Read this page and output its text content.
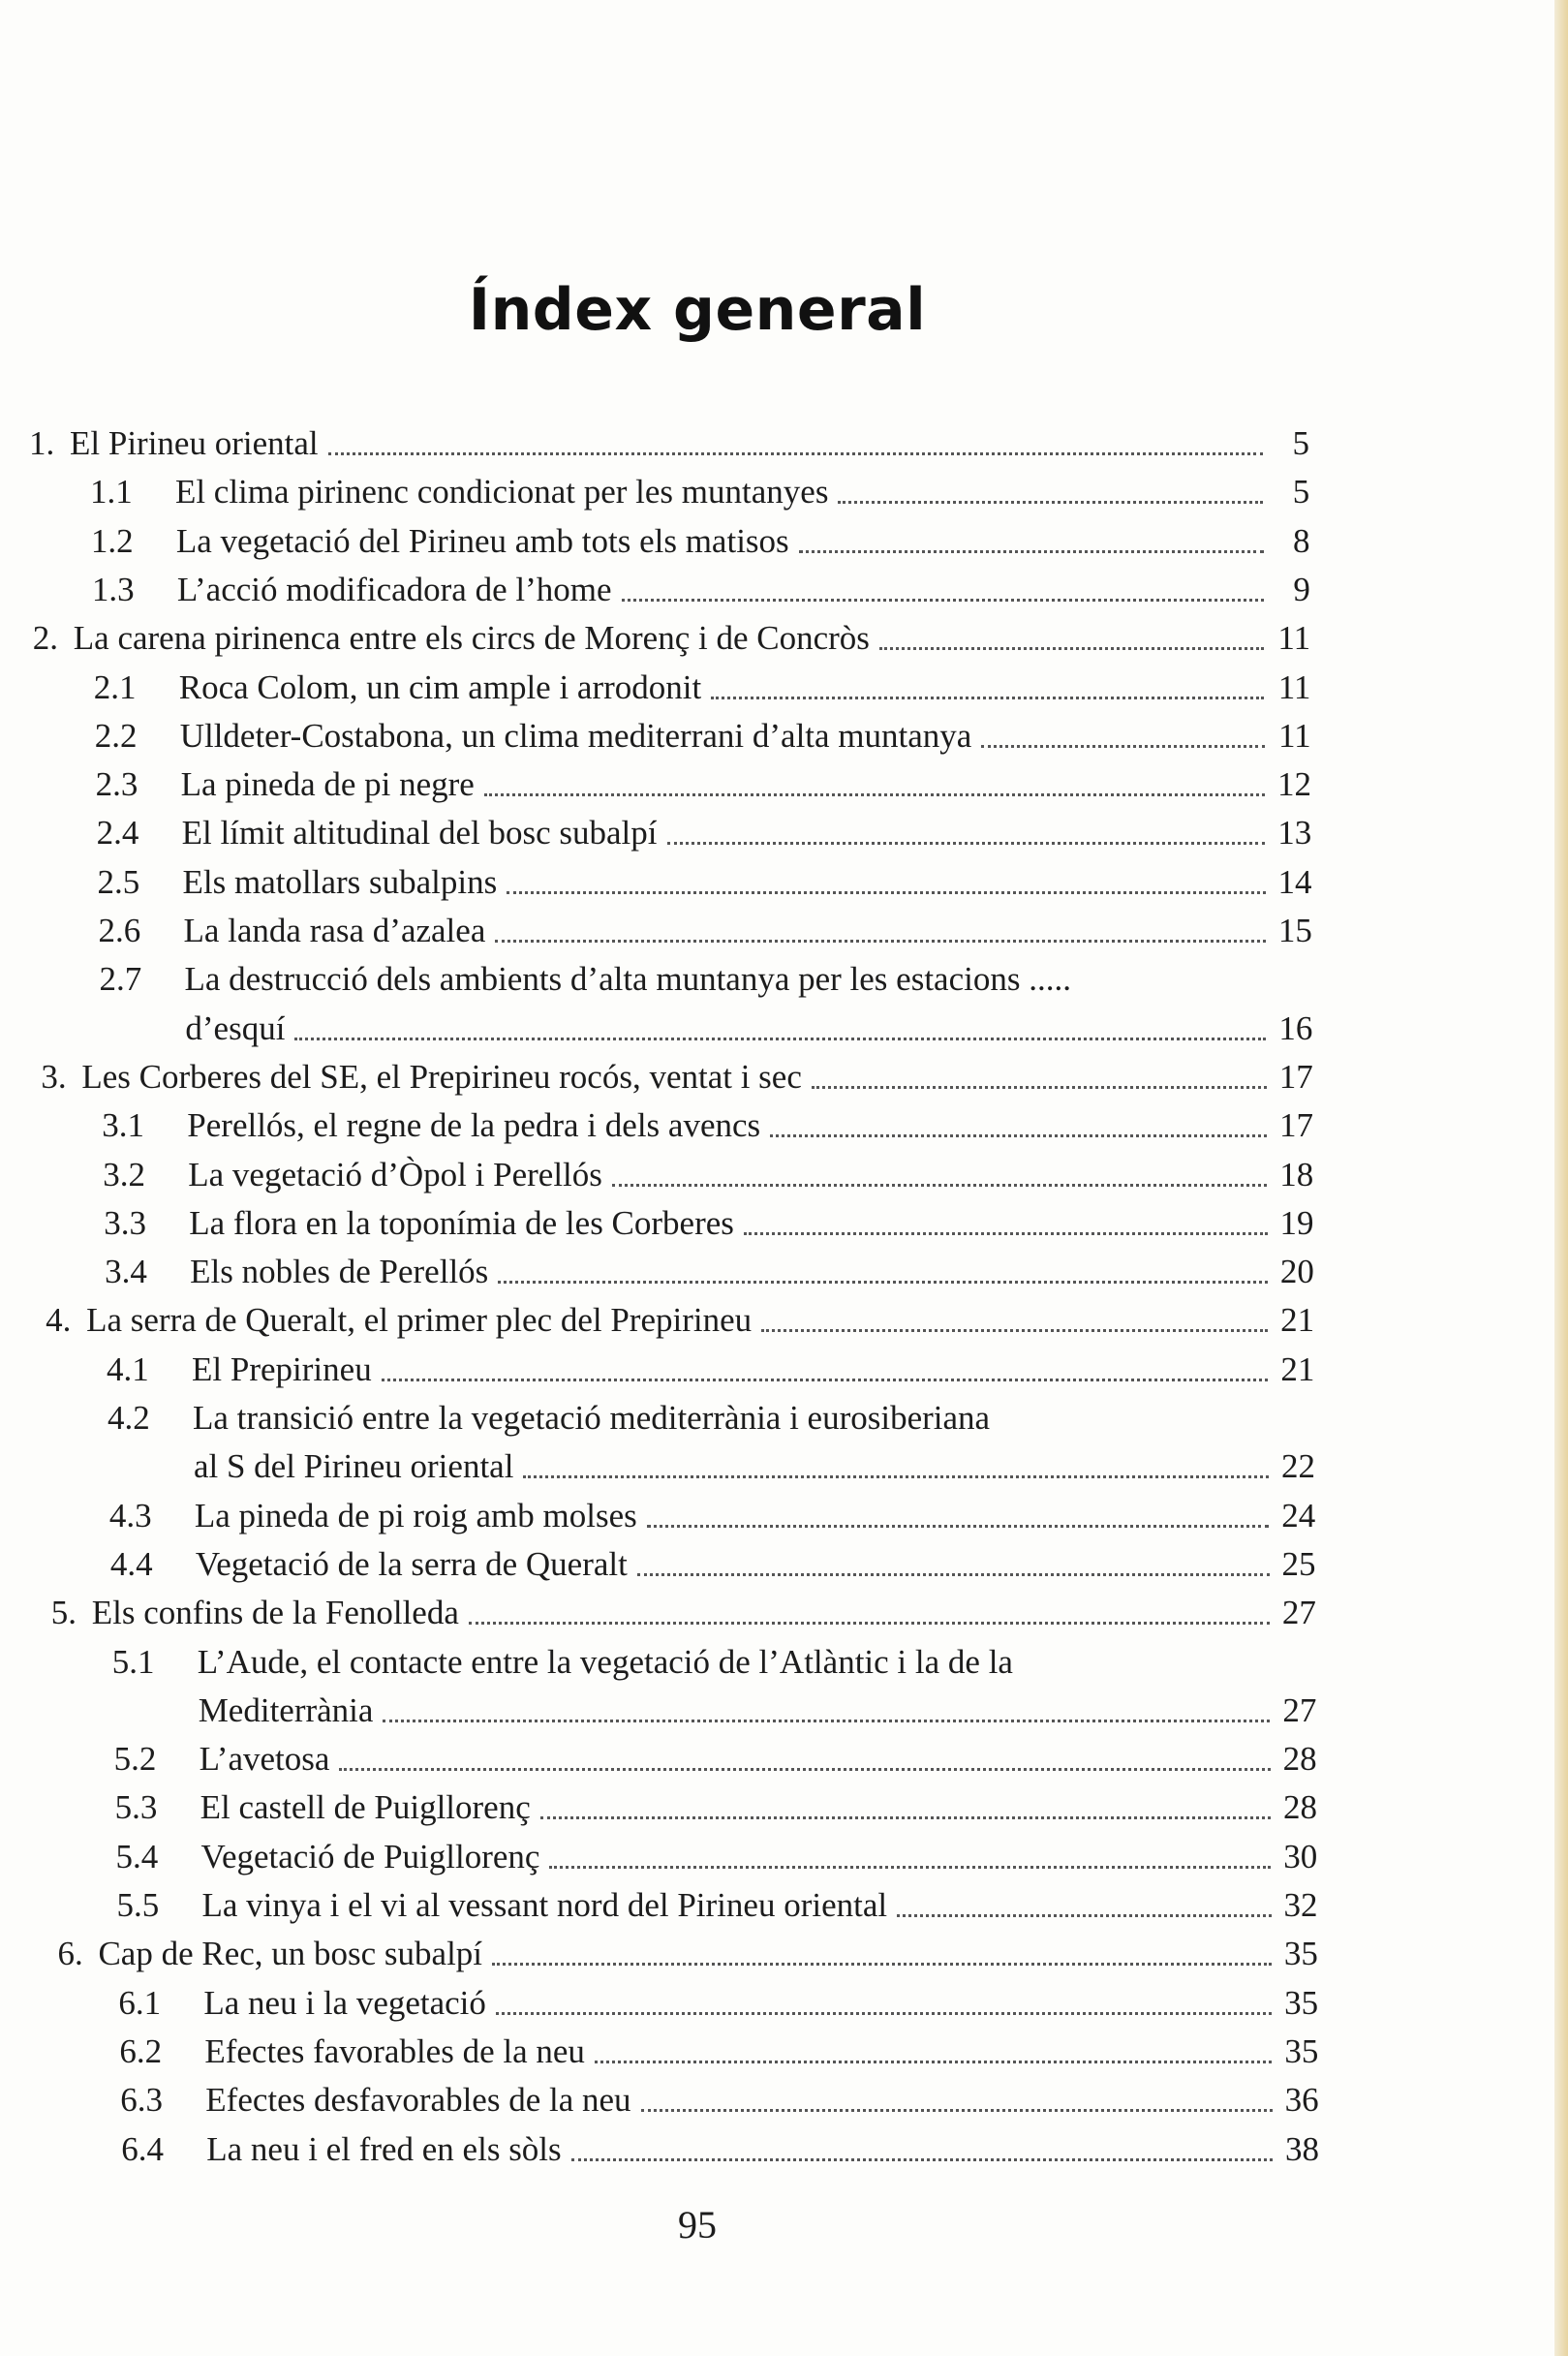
Índex general
1. El Pirineu oriental	5
1.1 El clima pirinenc condicionat per les muntanyes	5
1.2 La vegetació del Pirineu amb tots els matisos	8
1.3 L’acció modificadora de l’home	9
2. La carena pirinenca entre els circs de Morenç i de Concròs	11
2.1 Roca Colom, un cim ample i arrodonit	11
2.2 Ulldeter-Costabona, un clima mediterrani d’alta muntanya	11
2.3 La pineda de pi negre	12
2.4 El límit altitudinal del bosc subalpí	13
2.5 Els matollars subalpins	14
2.6 La landa rasa d’azalea	15
2.7 La destrucció dels ambients d’alta muntanya per les estacions .....
d’esquí	16
3. Les Corberes del SE, el Prepirineu rocós, ventat i sec	17
3.1 Perellós, el regne de la pedra i dels avencs	17
3.2 La vegetació d’Òpol i Perellós	18
3.3 La flora en la toponímia de les Corberes	19
3.4 Els nobles de Perellós	20
4. La serra de Queralt, el primer plec del Prepirineu	21
4.1 El Prepirineu	21
4.2 La transició entre la vegetació mediterrània i eurosiberiana
al S del Pirineu oriental	22
4.3 La pineda de pi roig amb molses	24
4.4 Vegetació de la serra de Queralt	25
5. Els confins de la Fenolleda	27
5.1 L’Aude, el contacte entre la vegetació de l’Atlàntic i la de la
Mediterrània	27
5.2 L’avetosa	28
5.3 El castell de Puigllorenç	28
5.4 Vegetació de Puigllorenç	30
5.5 La vinya i el vi al vessant nord del Pirineu oriental	32
6. Cap de Rec, un bosc subalpí	35
6.1 La neu i la vegetació	35
6.2 Efectes favorables de la neu	35
6.3 Efectes desfavorables de la neu	36
6.4 La neu i el fred en els sòls	38
95
